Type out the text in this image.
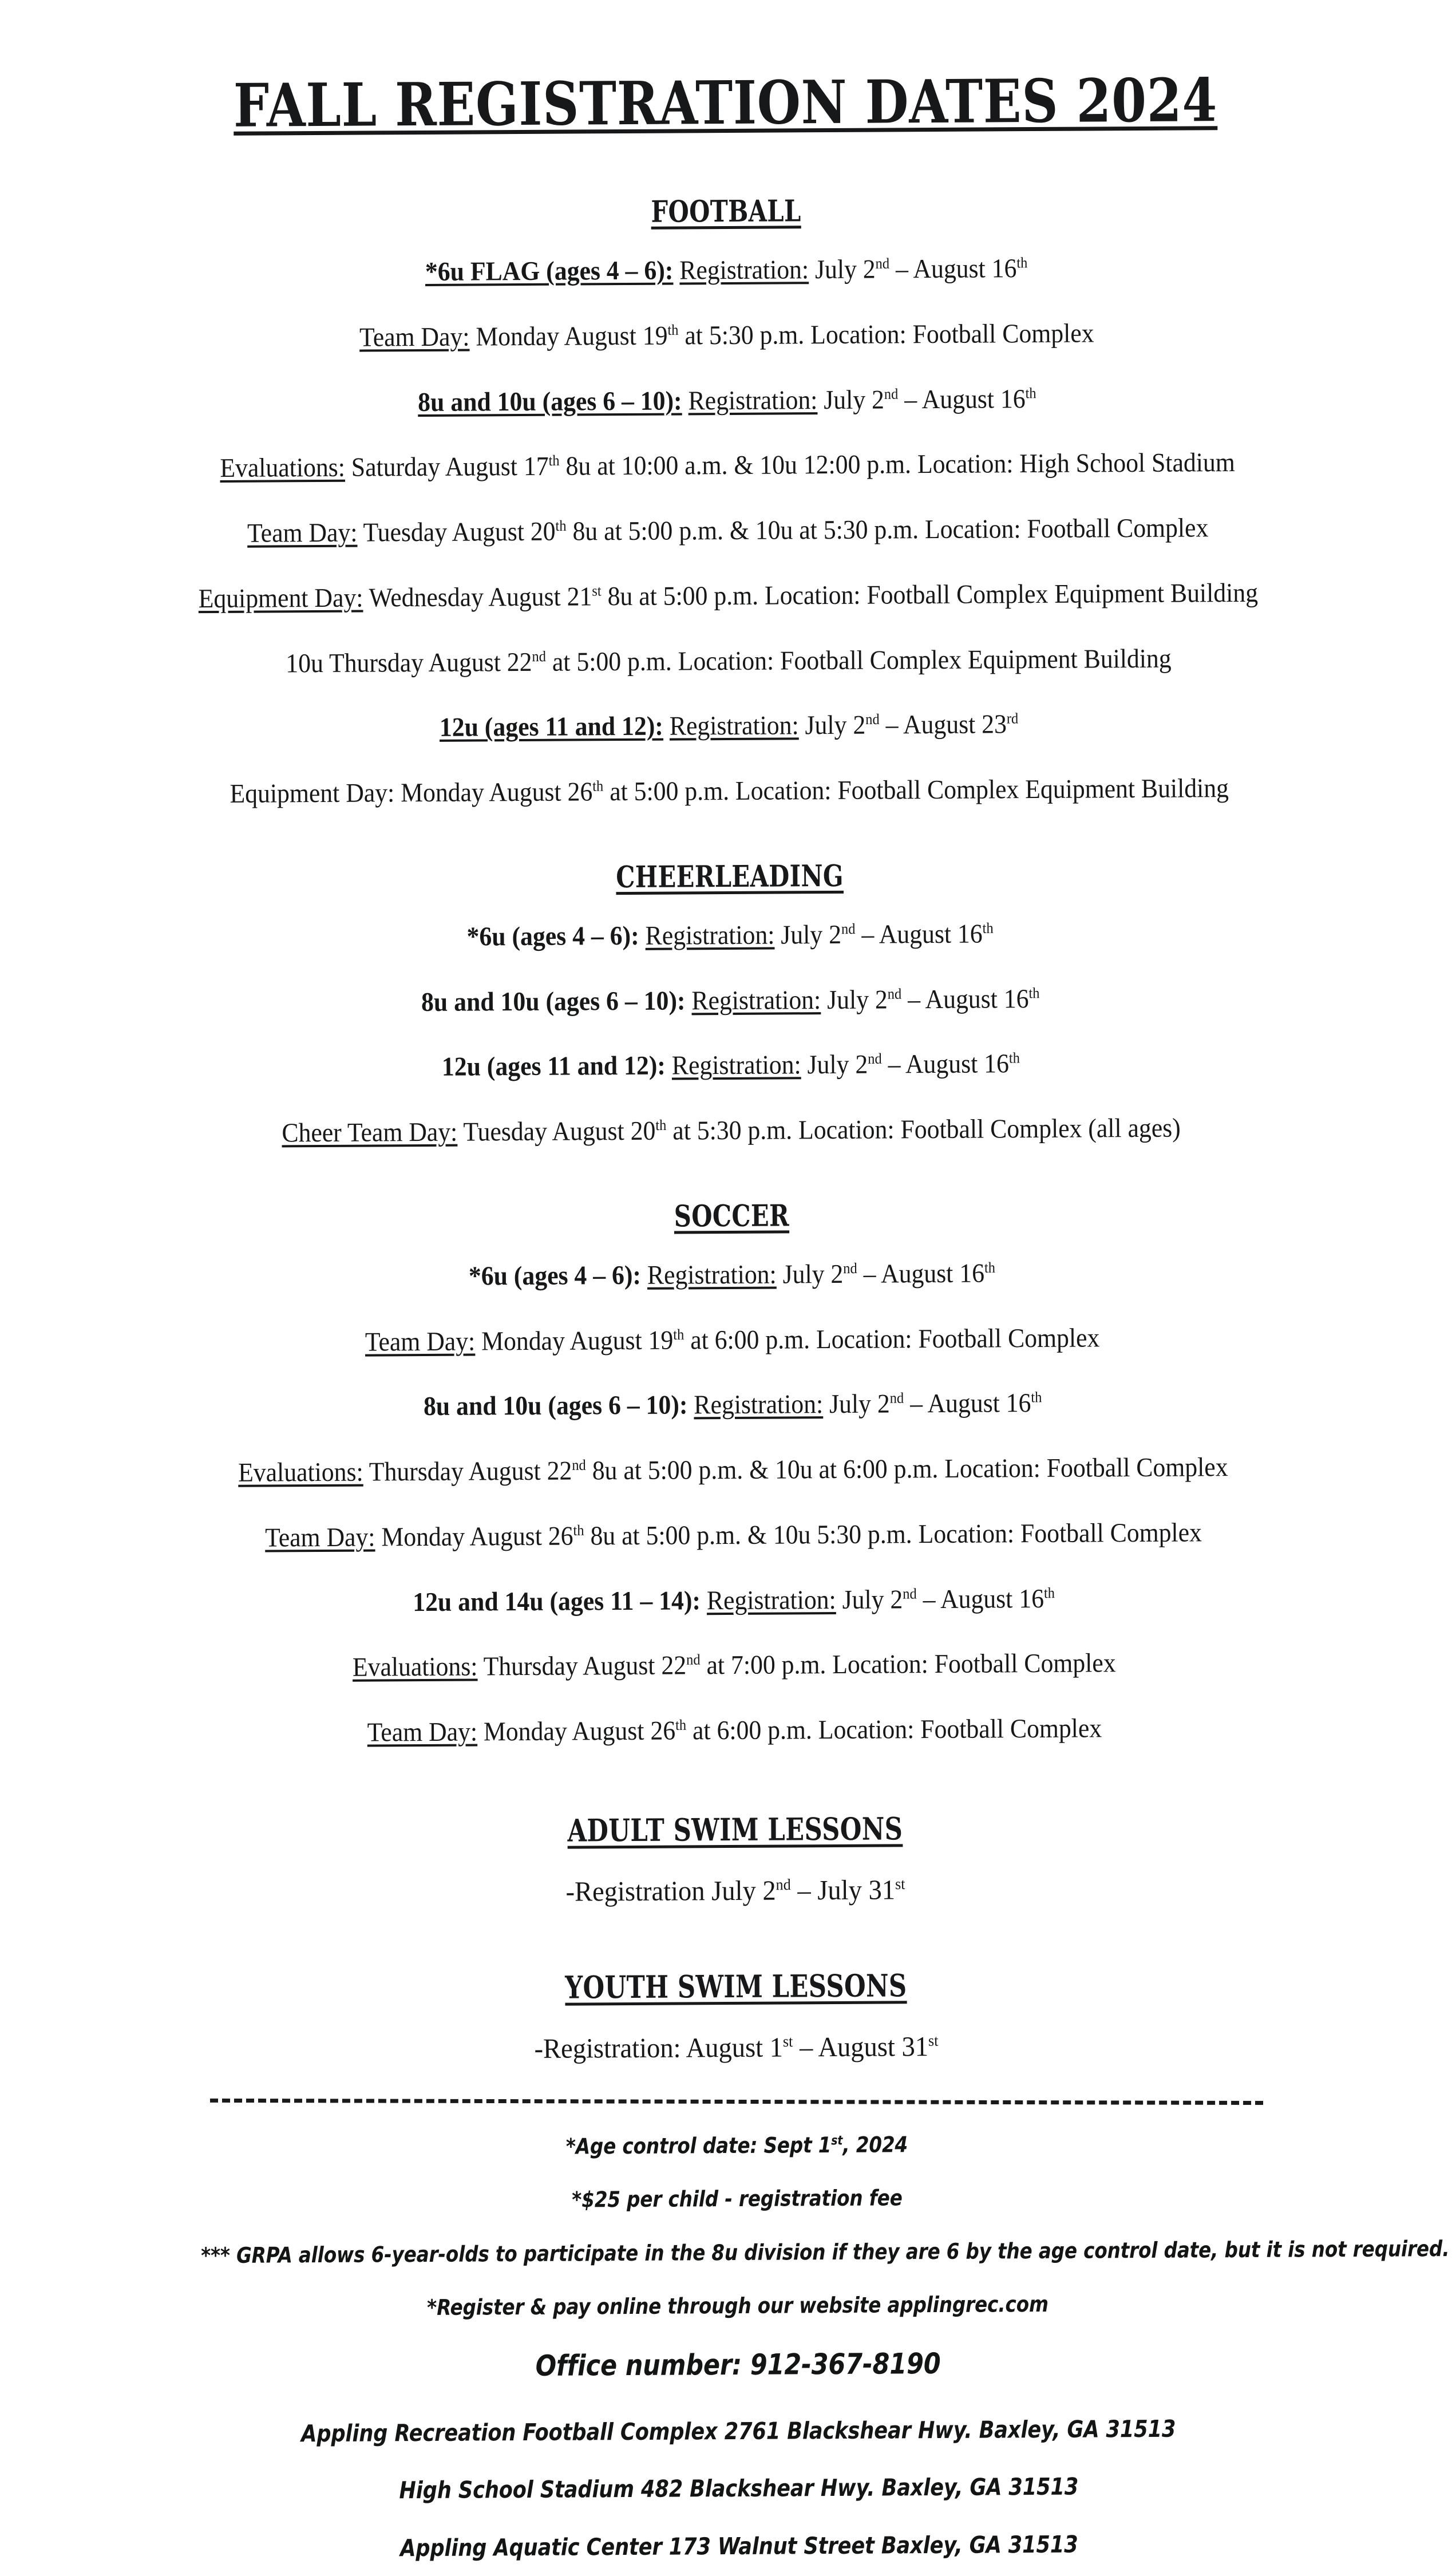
FALL REGISTRATION DATES 2024
FOOTBALL

*6u FLAG (ages 4 – 6): Registration: July 2nd – August 16th

Team Day: Monday August 19th at 5:30 p.m. Location: Football Complex

8u and 10u (ages 6 – 10): Registration: July 2nd – August 16th

Evaluations: Saturday August 17th 8u at 10:00 a.m. & 10u 12:00 p.m. Location: High School Stadium

Team Day: Tuesday August 20th 8u at 5:00 p.m. & 10u at 5:30 p.m. Location: Football Complex

Equipment Day: Wednesday August 21st 8u at 5:00 p.m. Location: Football Complex Equipment Building

10u Thursday August 22nd at 5:00 p.m. Location: Football Complex Equipment Building

12u (ages 11 and 12): Registration: July 2nd – August 23rd

Equipment Day: Monday August 26th at 5:00 p.m. Location: Football Complex Equipment Building

CHEERLEADING

*6u (ages 4 – 6): Registration: July 2nd – August 16th

8u and 10u (ages 6 – 10): Registration: July 2nd – August 16th

12u (ages 11 and 12): Registration: July 2nd – August 16th

Cheer Team Day: Tuesday August 20th at 5:30 p.m. Location: Football Complex (all ages)

SOCCER

*6u (ages 4 – 6): Registration: July 2nd – August 16th

Team Day: Monday August 19th at 6:00 p.m. Location: Football Complex

8u and 10u (ages 6 – 10): Registration: July 2nd – August 16th

Evaluations: Thursday August 22nd 8u at 5:00 p.m. & 10u at 6:00 p.m. Location: Football Complex

Team Day: Monday August 26th 8u at 5:00 p.m. & 10u 5:30 p.m. Location: Football Complex

12u and 14u (ages 11 – 14): Registration: July 2nd – August 16th

Evaluations: Thursday August 22nd at 7:00 p.m. Location: Football Complex

Team Day: Monday August 26th at 6:00 p.m. Location: Football Complex

ADULT SWIM LESSONS

-Registration July 2nd – July 31st

YOUTH SWIM LESSONS

-Registration: August 1st – August 31st

*Age control date: Sept 1st, 2024

*$25 per child - registration fee

*** GRPA allows 6-year-olds to participate in the 8u division if they are 6 by the age control date, but it is not required.

*Register & pay online through our website applingrec.com

Office number: 912-367-8190

Appling Recreation Football Complex 2761 Blackshear Hwy. Baxley, GA 31513

High School Stadium 482 Blackshear Hwy. Baxley, GA 31513

Appling Aquatic Center 173 Walnut Street Baxley, GA 31513
